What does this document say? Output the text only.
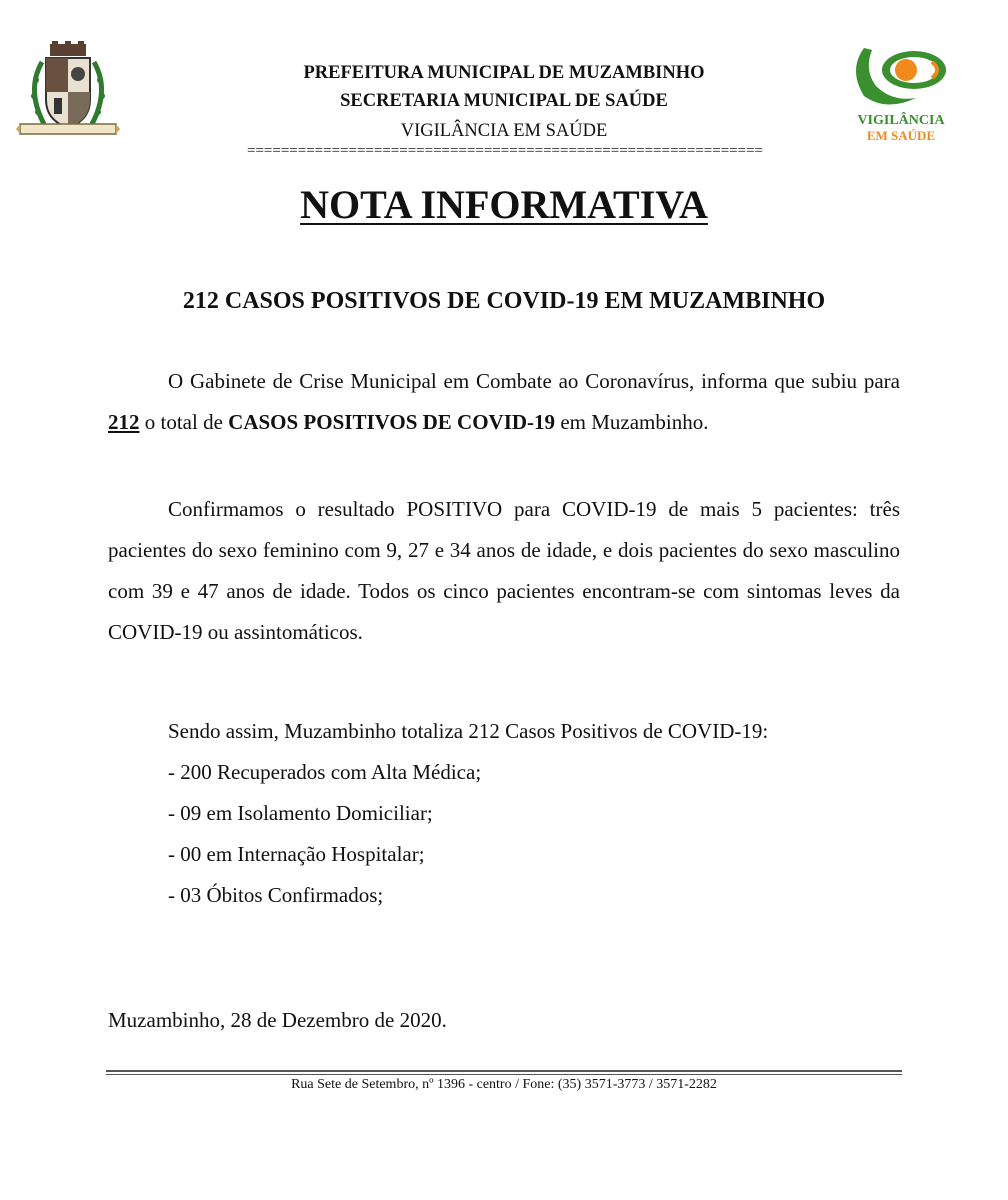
PREFEITURA MUNICIPAL DE MUZAMBINHO
SECRETARIA MUNICIPAL DE SAÚDE
VIGILÂNCIA EM SAÚDE
=============================================================
VIGILÂNCIA
EM SAÚDE
NOTA INFORMATIVA
212 CASOS POSITIVOS DE COVID-19 EM MUZAMBINHO
O Gabinete de Crise Municipal em Combate ao Coronavírus, informa que subiu para 212 o total de CASOS POSITIVOS DE COVID-19 em Muzambinho.
Confirmamos o resultado POSITIVO para COVID-19 de mais 5 pacientes: três pacientes do sexo feminino com 9, 27 e 34 anos de idade, e dois pacientes do sexo masculino com 39 e 47 anos de idade. Todos os cinco pacientes encontram-se com sintomas leves da COVID-19 ou assintomáticos.
Sendo assim, Muzambinho totaliza 212 Casos Positivos de COVID-19:
- 200 Recuperados com Alta Médica;
- 09 em Isolamento Domiciliar;
- 00 em Internação Hospitalar;
- 03 Óbitos Confirmados;
Muzambinho, 28 de Dezembro de 2020.
Rua Sete de Setembro, nº 1396 - centro / Fone: (35) 3571-3773 / 3571-2282
